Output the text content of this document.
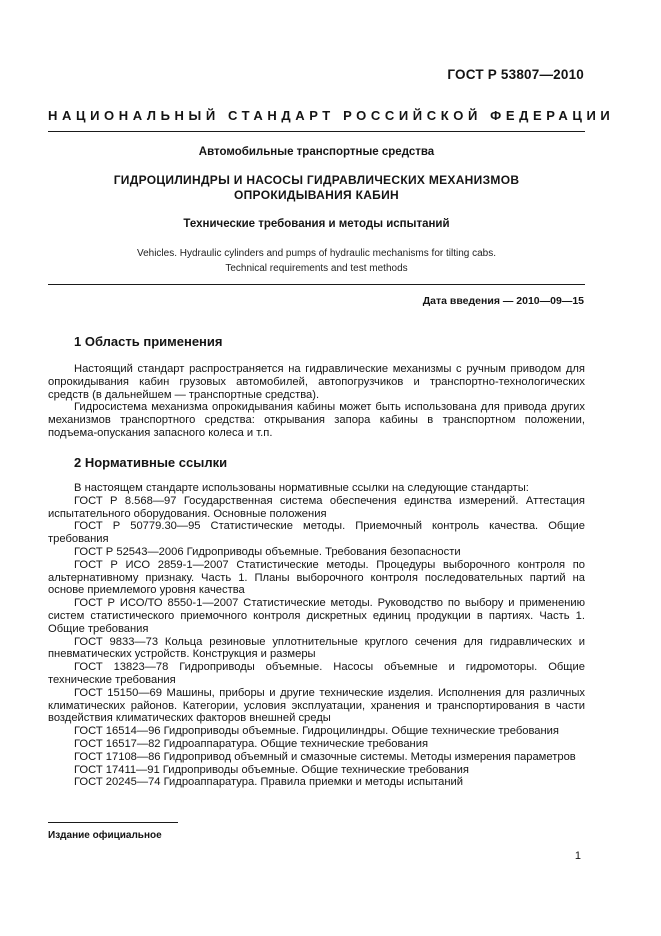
ГОСТ Р 53807—2010
НАЦИОНАЛЬНЫЙ СТАНДАРТ РОССИЙСКОЙ ФЕДЕРАЦИИ
Автомобильные транспортные средства
ГИДРОЦИЛИНДРЫ И НАСОСЫ ГИДРАВЛИЧЕСКИХ МЕХАНИЗМОВ
ОПРОКИДЫВАНИЯ КАБИН
Технические требования и методы испытаний
Vehicles. Hydraulic cylinders and pumps of hydraulic mechanisms for tilting cabs.
Technical requirements and test methods
Дата введения — 2010—09—15
1 Область применения

Настоящий стандарт распространяется на гидравлические механизмы с ручным приводом для опрокидывания кабин грузовых автомобилей, автопогрузчиков и транспортно-технологических средств (в дальнейшем — транспортные средства).

Гидросистема механизма опрокидывания кабины может быть использована для привода других механизмов транспортного средства: открывания запора кабины в транспортном положении, подъема-опускания запасного колеса и т.п.

2 Нормативные ссылки

В настоящем стандарте использованы нормативные ссылки на следующие стандарты:

ГОСТ Р 8.568—97 Государственная система обеспечения единства измерений. Аттестация испытательного оборудования. Основные положения

ГОСТ Р 50779.30—95 Статистические методы. Приемочный контроль качества. Общие требования

ГОСТ Р 52543—2006 Гидроприводы объемные. Требования безопасности

ГОСТ Р ИСО 2859-1—2007 Статистические методы. Процедуры выборочного контроля по альтернативному признаку. Часть 1. Планы выборочного контроля последовательных партий на основе приемлемого уровня качества

ГОСТ Р ИСО/ТО 8550-1—2007 Статистические методы. Руководство по выбору и применению систем статистического приемочного контроля дискретных единиц продукции в партиях. Часть 1. Общие требования

ГОСТ 9833—73 Кольца резиновые уплотнительные круглого сечения для гидравлических и пневматических устройств. Конструкция и размеры

ГОСТ 13823—78 Гидроприводы объемные. Насосы объемные и гидромоторы. Общие технические требования

ГОСТ 15150—69 Машины, приборы и другие технические изделия. Исполнения для различных климатических районов. Категории, условия эксплуатации, хранения и транспортирования в части воздействия климатических факторов внешней среды

ГОСТ 16514—96 Гидроприводы объемные. Гидроцилиндры. Общие технические требования

ГОСТ 16517—82 Гидроаппаратура. Общие технические требования

ГОСТ 17108—86 Гидропривод объемный и смазочные системы. Методы измерения параметров

ГОСТ 17411—91 Гидроприводы объемные. Общие технические требования

ГОСТ 20245—74 Гидроаппаратура. Правила приемки и методы испытаний

Издание официальное
1
